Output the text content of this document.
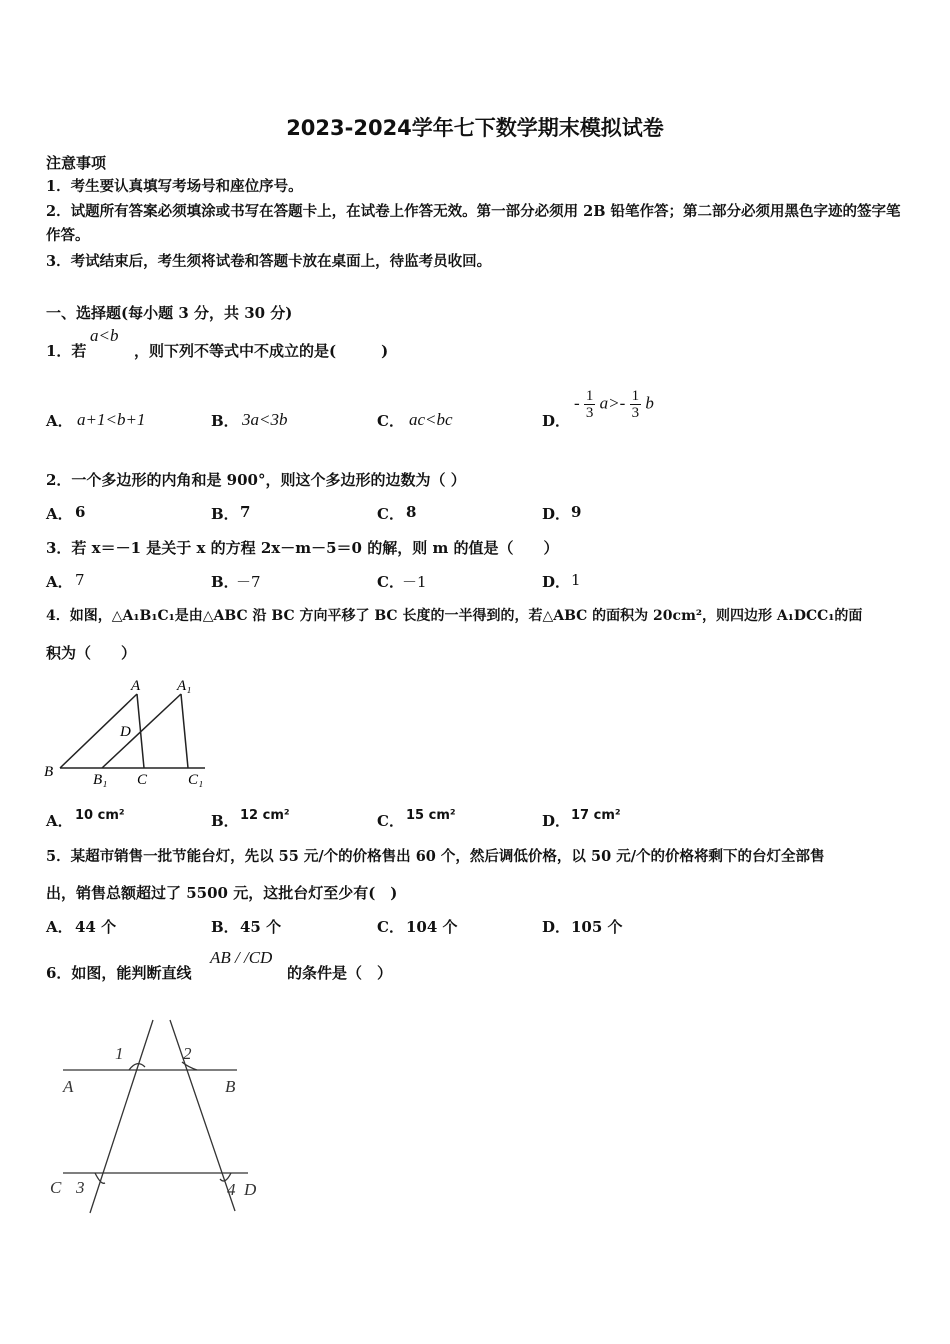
2023-2024学年七下数学期末模拟试卷
注意事项
1．考生要认真填写考场号和座位序号。
2．试题所有答案必须填涂或书写在答题卡上，在试卷上作答无效。第一部分必须用 2B 铅笔作答；第二部分必须用黑色字迹的签字笔作答。
3．考试结束后，考生须将试卷和答题卡放在桌面上，待监考员收回。
一、选择题(每小题 3 分，共 30 分)
1．若
a<b
，则下列不等式中不成立的是(　　　)
A． a+1<b+1	B． 3a<3b	C． ac<bc	D．
- $\frac{1}{3} a>- \frac{1}{3}$ b
2．一个多边形的内角和是 900°，则这个多边形的边数为（ ）
A． 6	B． 7	C． 8	D． 9
3．若 x＝－1 是关于 x 的方程 2x－m－5＝0 的解，则 m 的值是（　　）
A． 7	B．
－7	C．
－1	D． 1
4．如图，△A₁B₁C₁是由△ABC 沿 BC 方向平移了 BC 长度的一半得到的，若△ABC 的面积为 20cm²，则四边形 A₁DCC₁的面
积为（　　）
A A₁
D
B	B₁ C	C₁
A． 10 cm²	B． 12 cm²	C． 15 cm²	D． 17 cm²
5．某超市销售一批节能台灯，先以 55 元/个的价格售出 60 个，然后调低价格，以 50 元/个的价格将剩下的台灯全部售
出，销售总额超过了 5500 元，这批台灯至少有(　)
A． 44 个	B． 45 个	C． 104 个	D． 105 个
6．如图，能判断直线
AB / /CD
的条件是（　）
1	2
3	4
A	B
C	D
